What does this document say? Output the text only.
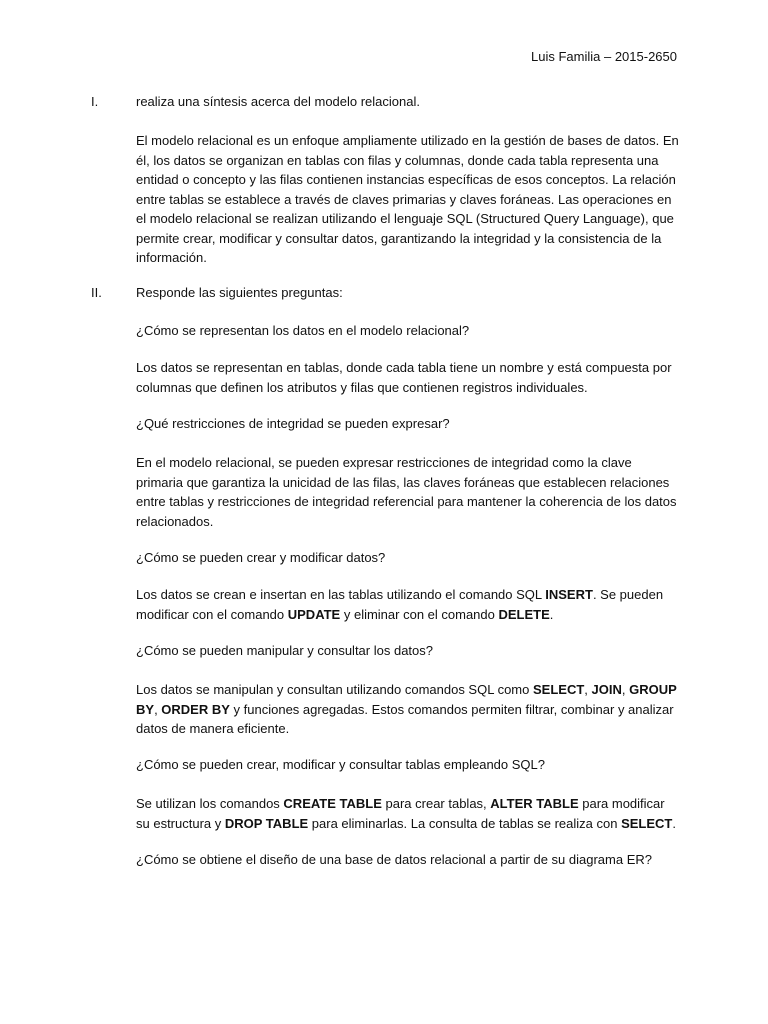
Luis Familia – 2015-2650
I.	realiza una síntesis acerca del modelo relacional.

El modelo relacional es un enfoque ampliamente utilizado en la gestión de bases de datos. En él, los datos se organizan en tablas con filas y columnas, donde cada tabla representa una entidad o concepto y las filas contienen instancias específicas de esos conceptos. La relación entre tablas se establece a través de claves primarias y claves foráneas. Las operaciones en el modelo relacional se realizan utilizando el lenguaje SQL (Structured Query Language), que permite crear, modificar y consultar datos, garantizando la integridad y la consistencia de la información.

II.	Responde las siguientes preguntas:

¿Cómo se representan los datos en el modelo relacional?

Los datos se representan en tablas, donde cada tabla tiene un nombre y está compuesta por columnas que definen los atributos y filas que contienen registros individuales.

¿Qué restricciones de integridad se pueden expresar?

En el modelo relacional, se pueden expresar restricciones de integridad como la clave primaria que garantiza la unicidad de las filas, las claves foráneas que establecen relaciones entre tablas y restricciones de integridad referencial para mantener la coherencia de los datos relacionados.

¿Cómo se pueden crear y modificar datos?

Los datos se crean e insertan en las tablas utilizando el comando SQL INSERT. Se pueden modificar con el comando UPDATE y eliminar con el comando DELETE.

¿Cómo se pueden manipular y consultar los datos?

Los datos se manipulan y consultan utilizando comandos SQL como SELECT, JOIN, GROUP BY, ORDER BY y funciones agregadas. Estos comandos permiten filtrar, combinar y analizar datos de manera eficiente.

¿Cómo se pueden crear, modificar y consultar tablas empleando SQL?

Se utilizan los comandos CREATE TABLE para crear tablas, ALTER TABLE para modificar su estructura y DROP TABLE para eliminarlas. La consulta de tablas se realiza con SELECT.

¿Cómo se obtiene el diseño de una base de datos relacional a partir de su diagrama ER?
